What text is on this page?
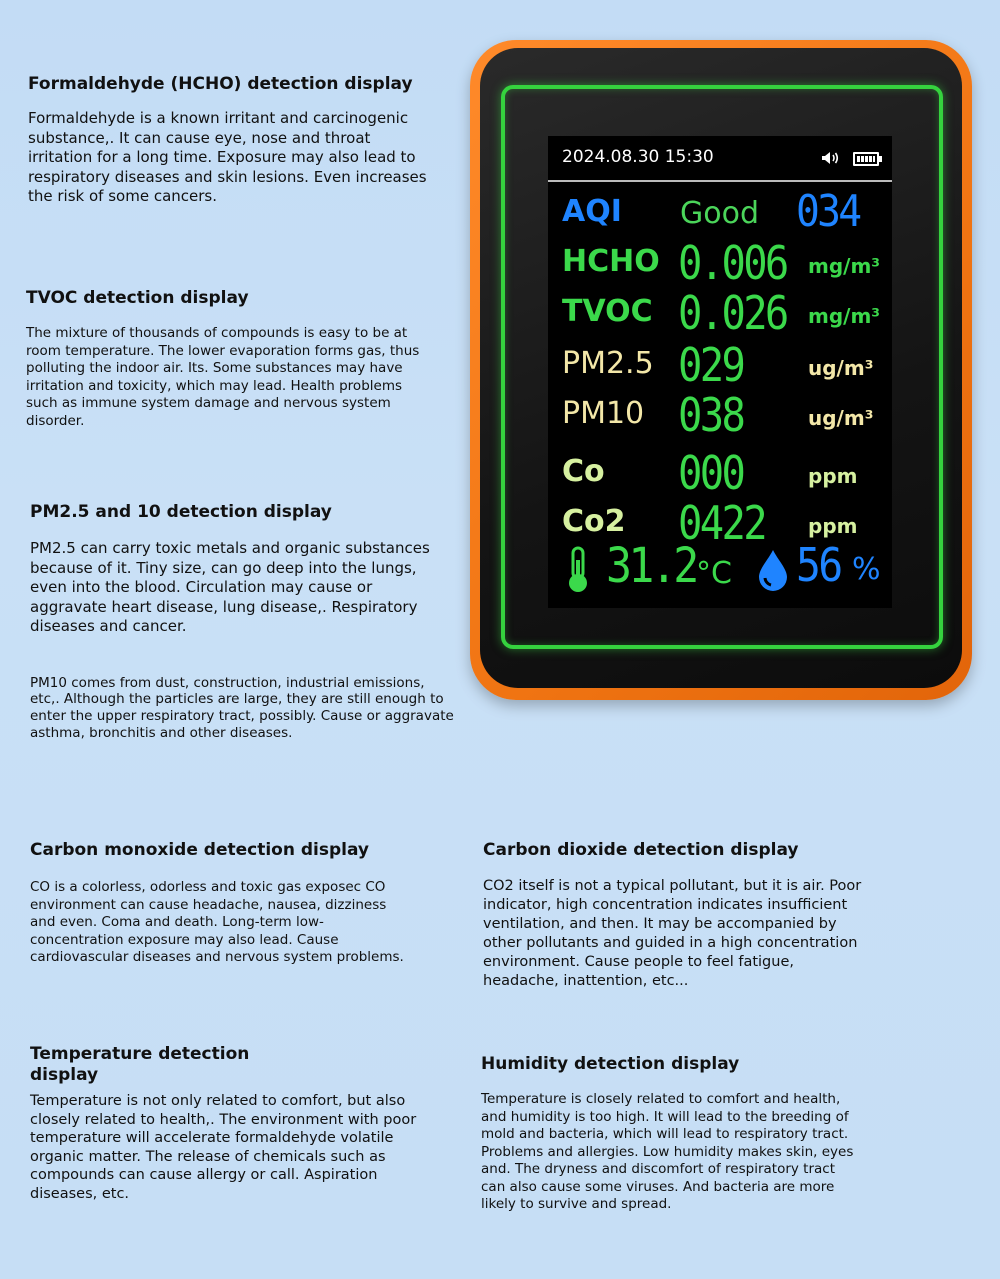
Formaldehyde (HCHO) detection display

Formaldehyde is a known irritant and carcinogenic substance,. It can cause eye, nose and throat irritation for a long time. Exposure may also lead to respiratory diseases and skin lesions. Even increases the risk of some cancers.

TVOC detection display

The mixture of thousands of compounds is easy to be at room temperature. The lower evaporation forms gas, thus polluting the indoor air. Its. Some substances may have irritation and toxicity, which may lead. Health problems such as immune system damage and nervous system disorder.

PM2.5 and 10 detection display

PM2.5 can carry toxic metals and organic substances because of it. Tiny size, can go deep into the lungs, even into the blood. Circulation may cause or aggravate heart disease, lung disease,. Respiratory diseases and cancer.

PM10 comes from dust, construction, industrial emissions, etc,. Although the particles are large, they are still enough to enter the upper respiratory tract, possibly. Cause or aggravate asthma, bronchitis and other diseases.

Carbon monoxide detection display

CO is a colorless, odorless and toxic gas exposec CO environment can cause headache, nausea, dizziness and even. Coma and death. Long-term low-concentration exposure may also lead. Cause cardiovascular diseases and nervous system problems.

Temperature detection display

Temperature is not only related to comfort, but also closely related to health,. The environment with poor temperature will accelerate formaldehyde volatile organic matter. The release of chemicals such as compounds can cause allergy or call. Aspiration diseases, etc.

Carbon dioxide detection display

CO2 itself is not a typical pollutant, but it is air. Poor indicator, high concentration indicates insufficient ventilation, and then. It may be accompanied by other pollutants and guided in a high concentration environment. Cause people to feel fatigue, headache, inattention, etc...

Humidity detection display

Temperature is closely related to comfort and health, and humidity is too high. It will lead to the breeding of mold and bacteria, which will lead to respiratory tract. Problems and allergies. Low humidity makes skin, eyes and. The dryness and discomfort of respiratory tract can also cause some viruses. And bacteria are more likely to survive and spread.

2024.08.30 15:30
AQI Good 034
HCHO 0.006 mg/m³
TVOC 0.026 mg/m³
PM2.5 029	ug/m³
PM10 038	ug/m³
Co 000	ppm
Co2 0422 ppm
31.2 °C 56 %
